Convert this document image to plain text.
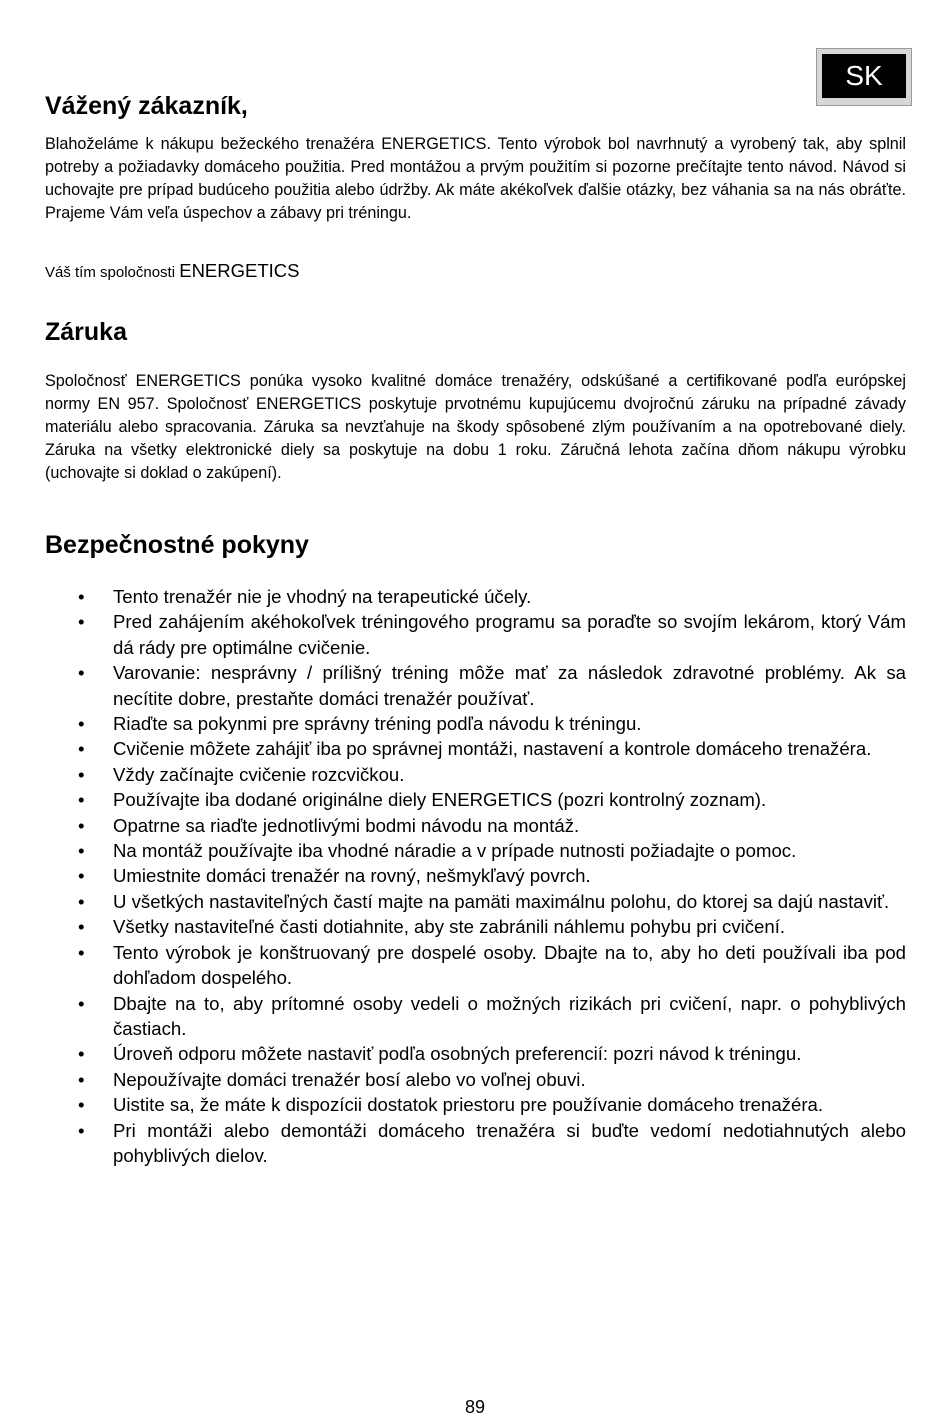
SK
Vážený zákazník,

Blahoželáme k nákupu bežeckého trenažéra ENERGETICS. Tento výrobok bol navrhnutý a vyrobený tak, aby splnil potreby a požiadavky domáceho použitia. Pred montážou a prvým použitím si pozorne prečítajte tento návod. Návod si uchovajte pre prípad budúceho použitia alebo údržby. Ak máte akékoľvek ďalšie otázky, bez váhania sa na nás obráťte. Prajeme Vám veľa úspechov a zábavy pri tréningu.

Váš tím spoločnosti ENERGETICS

Záruka

Spoločnosť ENERGETICS ponúka vysoko kvalitné domáce trenažéry, odskúšané a certifikované podľa európskej normy EN 957. Spoločnosť ENERGETICS poskytuje prvotnému kupujúcemu dvojročnú záruku na prípadné závady materiálu alebo spracovania. Záruka sa nevzťahuje na škody spôsobené zlým používaním a na opotrebované diely. Záruka na všetky elektronické diely sa poskytuje na dobu 1 roku. Záručná lehota začína dňom nákupu výrobku (uchovajte si doklad o zakúpení).

Bezpečnostné pokyny
• Tento trenažér nie je vhodný na terapeutické účely.
• Pred zahájením akéhokoľvek tréningového programu sa poraďte so svojím lekárom, ktorý Vám dá rády pre optimálne cvičenie.
• Varovanie: nesprávny / prílišný tréning môže mať za následok zdravotné problémy. Ak sa necítite dobre, prestaňte domáci trenažér používať.
• Riaďte sa pokynmi pre správny tréning podľa návodu k tréningu.
• Cvičenie môžete zahájiť iba po správnej montáži, nastavení a kontrole domáceho trenažéra.
• Vždy začínajte cvičenie rozcvičkou.
• Používajte iba dodané originálne diely ENERGETICS (pozri kontrolný zoznam).
• Opatrne sa riaďte jednotlivými bodmi návodu na montáž.
• Na montáž používajte iba vhodné náradie a v prípade nutnosti požiadajte o pomoc.
• Umiestnite domáci trenažér na rovný, nešmykľavý povrch.
• U všetkých nastaviteľných častí majte na pamäti maximálnu polohu, do ktorej sa dajú nastaviť.
• Všetky nastaviteľné časti dotiahnite, aby ste zabránili náhlemu pohybu pri cvičení.
• Tento výrobok je konštruovaný pre dospelé osoby. Dbajte na to, aby ho deti používali iba pod dohľadom dospelého.
• Dbajte na to, aby prítomné osoby vedeli o možných rizikách pri cvičení, napr. o pohyblivých častiach.
• Úroveň odporu môžete nastaviť podľa osobných preferencií: pozri návod k tréningu.
• Nepoužívajte domáci trenažér bosí alebo vo voľnej obuvi.
• Uistite sa, že máte k dispozícii dostatok priestoru pre používanie domáceho trenažéra.
• Pri montáži alebo demontáži domáceho trenažéra si buďte vedomí nedotiahnutých alebo pohyblivých dielov.
89
